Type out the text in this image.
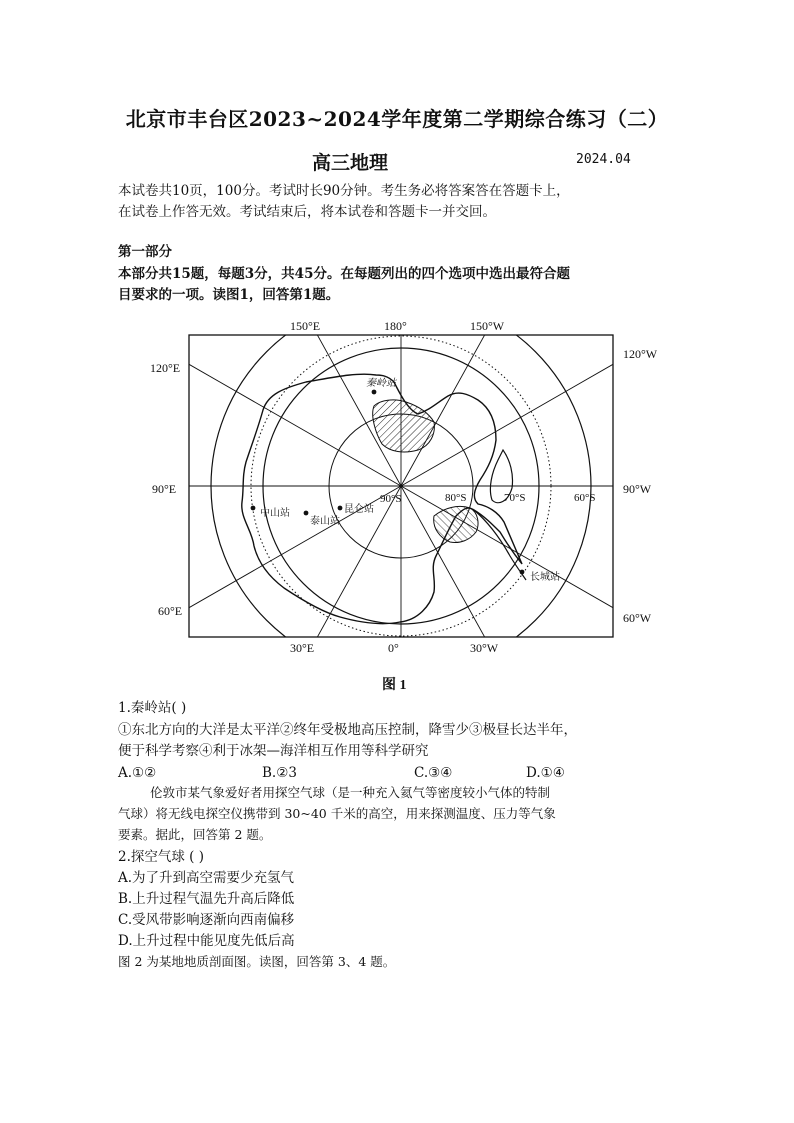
北京市丰台区2023~2024学年度第二学期综合练习（二）
高三地理	2024.04
本试卷共10页，100分。考试时长90分钟。考生务必将答案答在答题卡上，
在试卷上作答无效。考试结束后，将本试卷和答题卡一并交回。
第一部分
本部分共15题，每题3分，共45分。在每题列出的四个选项中选出最符合题
目要求的一项。读图1，回答第1题。
150°E	180°	150°W
120°E
120°W
90°E	90°W
60°E	60°W
30°E	0°	30°W
90°S	80°S	70°S	60°S
秦岭站
中山站
泰山站
昆仑站
长城站
图 1
1.秦岭站( )
①东北方向的大洋是太平洋②终年受极地高压控制，降雪少③极昼长达半年，
便于科学考察④利于冰架—海洋相互作用等科学研究
A.①②	B.②3	C.③④	D.①④
伦敦市某气象爱好者用探空气球（是一种充入氦气等密度较小气体的特制
气球）将无线电探空仪携带到 30~40 千米的高空，用来探测温度、压力等气象
要素。据此，回答第 2 题。
2.探空气球 ( )
A.为了升到高空需要少充氢气
B.上升过程气温先升高后降低
C.受风带影响逐渐向西南偏移
D.上升过程中能见度先低后高
图 2 为某地地质剖面图。读图，回答第 3、4 题。
